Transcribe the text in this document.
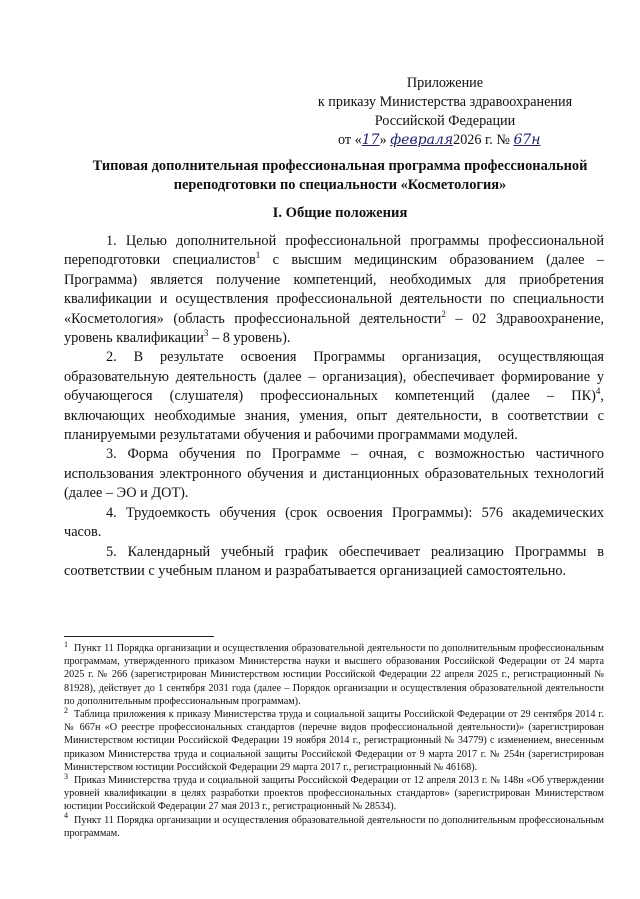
Приложение
к приказу Министерства здравоохранения
Российской Федерации
от «17» февраля2026 г. № 67н
Типовая дополнительная профессиональная программа профессиональной переподготовки по специальности «Косметология»
I. Общие положения

1. Целью дополнительной профессиональной программы профессиональной переподготовки специалистов$^1$ с высшим медицинским образованием (далее – Программа) является получение компетенций, необходимых для приобретения квалификации и осуществления профессиональной деятельности по специальности «Косметология» (область профессиональной деятельности$^2$ – 02 Здравоохранение, уровень квалификации$^3$ – 8 уровень).

2. В результате освоения Программы организация, осуществляющая образовательную деятельность (далее – организация), обеспечивает формирование у обучающегося (слушателя) профессиональных компетенций (далее – ПК)$^4$, включающих необходимые знания, умения, опыт деятельности, в соответствии с планируемыми результатами обучения и рабочими программами модулей.

3. Форма обучения по Программе – очная, с возможностью частичного использования электронного обучения и дистанционных образовательных технологий (далее – ЭО и ДОТ).

4. Трудоемкость обучения (срок освоения Программы): 576 академических часов.

5. Календарный учебный график обеспечивает реализацию Программы в соответствии с учебным планом и разрабатывается организацией самостоятельно.

$^1$ Пункт 11 Порядка организации и осуществления образовательной деятельности по дополнительным профессиональным программам, утвержденного приказом Министерства науки и высшего образования Российской Федерации от 24 марта 2025 г. № 266 (зарегистрирован Министерством юстиции Российской Федерации 22 апреля 2025 г., регистрационный № 81928), действует до 1 сентября 2031 года (далее – Порядок организации и осуществления образовательной деятельности по дополнительным профессиональным программам).

$^2$ Таблица приложения к приказу Министерства труда и социальной защиты Российской Федерации от 29 сентября 2014 г. № 667н «О реестре профессиональных стандартов (перечне видов профессиональной деятельности)» (зарегистрирован Министерством юстиции Российской Федерации 19 ноября 2014 г., регистрационный № 34779) с изменением, внесенным приказом Министерства труда и социальной защиты Российской Федерации от 9 марта 2017 г. № 254н (зарегистрирован Министерством юстиции Российской Федерации 29 марта 2017 г., регистрационный № 46168).

$^3$ Приказ Министерства труда и социальной защиты Российской Федерации от 12 апреля 2013 г. № 148н «Об утверждении уровней квалификации в целях разработки проектов профессиональных стандартов» (зарегистрирован Министерством юстиции Российской Федерации 27 мая 2013 г., регистрационный № 28534).

$^4$ Пункт 11 Порядка организации и осуществления образовательной деятельности по дополнительным профессиональным программам.
